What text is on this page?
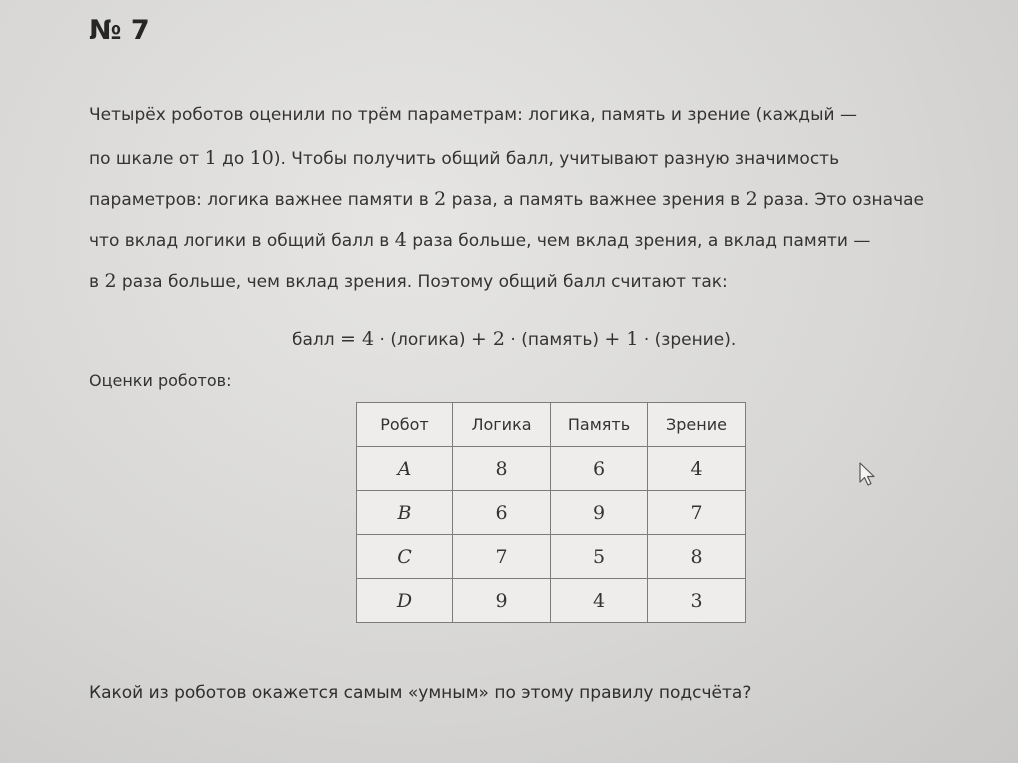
№ 7
Четырёх роботов оценили по трём параметрам: логика, память и зрение (каждый —
по шкале от 1 до 10). Чтобы получить общий балл, учитывают разную значимость
параметров: логика важнее памяти в 2 раза, а память важнее зрения в 2 раза. Это означае
что вклад логики в общий балл в 4 раза больше, чем вклад зрения, а вклад памяти —
в 2 раза больше, чем вклад зрения. Поэтому общий балл считают так:
балл = 4 · (логика) + 2 · (память) + 1 · (зрение).
Оценки роботов:
Робот	Логика	Память	Зрение
A	8	6	4
B	6	9	7
C	7	5	8
D	9	4	3
Какой из роботов окажется самым «умным» по этому правилу подсчёта?
